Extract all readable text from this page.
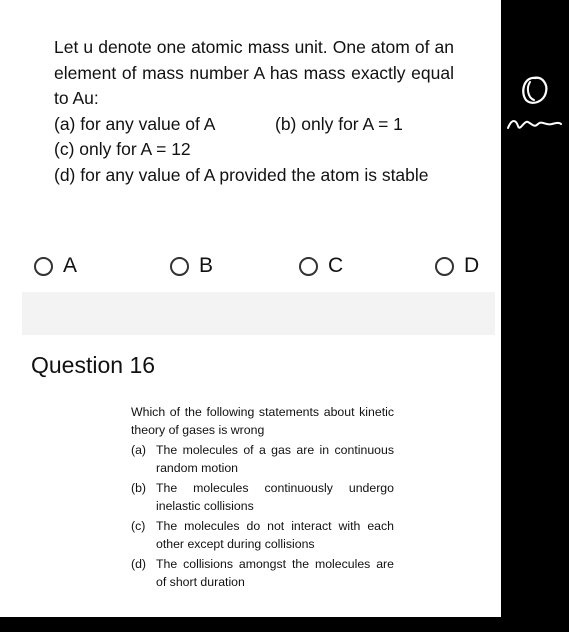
Let u denote one atomic mass unit. One atom of an element of mass number A has mass exactly equal to Au:

(a) for any value of A	(b) only for A = 1
(c) only for A = 12

(d) for any value of A provided the atom is stable

A	B	C	D
Question 16

Which of the following statements about kinetic theory of gases is wrong

(a) The molecules of a gas are in continuous random motion
(b) The molecules continuously undergo inelastic collisions
(c) The molecules do not interact with each other except during collisions
(d) The collisions amongst the molecules are of short duration
